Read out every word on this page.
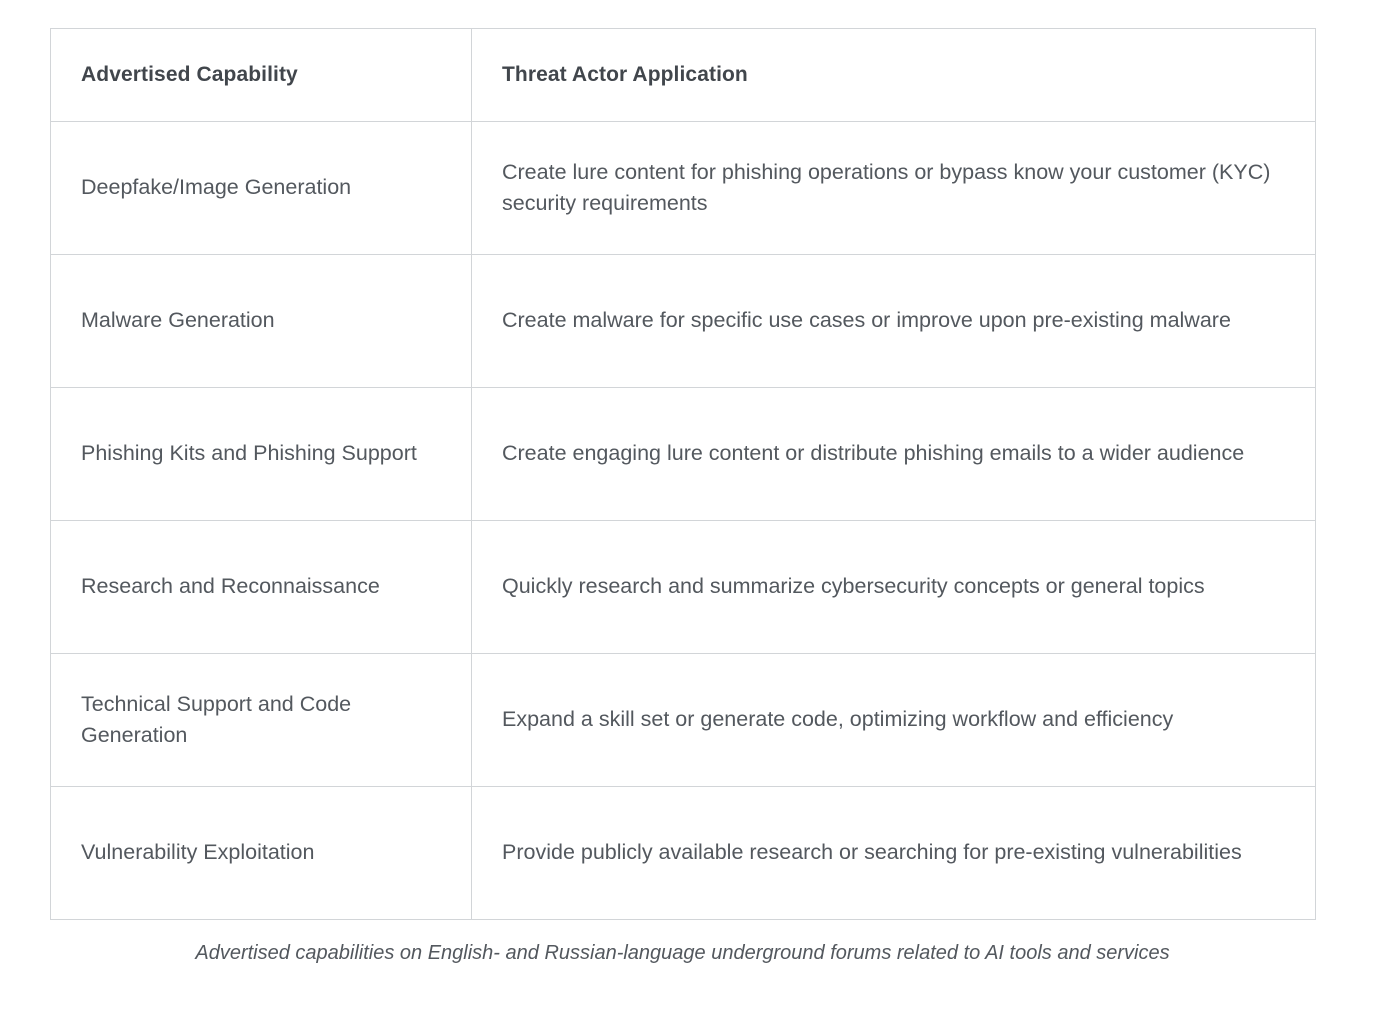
Advertised Capability	Threat Actor Application
Deepfake/Image Generation	Create lure content for phishing operations or bypass know your customer (KYC) security requirements
Malware Generation	Create malware for specific use cases or improve upon pre-existing malware
Phishing Kits and Phishing Support	Create engaging lure content or distribute phishing emails to a wider audience
Research and Reconnaissance	Quickly research and summarize cybersecurity concepts or general topics
Technical Support and Code Generation	Expand a skill set or generate code, optimizing workflow and efficiency
Vulnerability Exploitation	Provide publicly available research or searching for pre-existing vulnerabilities
Advertised capabilities on English- and Russian-language underground forums related to AI tools and services
